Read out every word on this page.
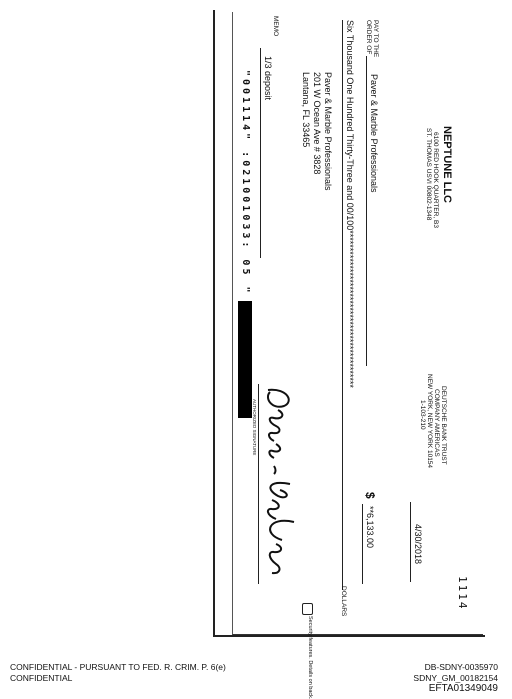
NEPTUNE LLC
6100 RED HOOK QUARTER, B3
ST. THOMAS USVI 00802-1348
DEUTSCHE BANK TRUST
COMPANY AMERICAS
NEW YORK, NEW YORK 10154
1-103-210
1114
4/30/2018
PAY TO THE
ORDER OF
Paver & Marble Professionals
$
**6,133.00
Six Thousand One Hundred Thirty-Three and 00/100*********************************************
DOLLARS
Security features. Details on back.
Paver & Marble Professionals
201 W Ocean Ave # 3828
Lantana, FL 33465
MEMO
1/3 deposit
AUTHORIZED SIGNATURE
"001114" :021001033: 05 "
CONFIDENTIAL - PURSUANT TO FED. R. CRIM. P. 6(e)
CONFIDENTIAL
DB-SDNY-0035970
SDNY_GM_00182154
EFTA01349049
